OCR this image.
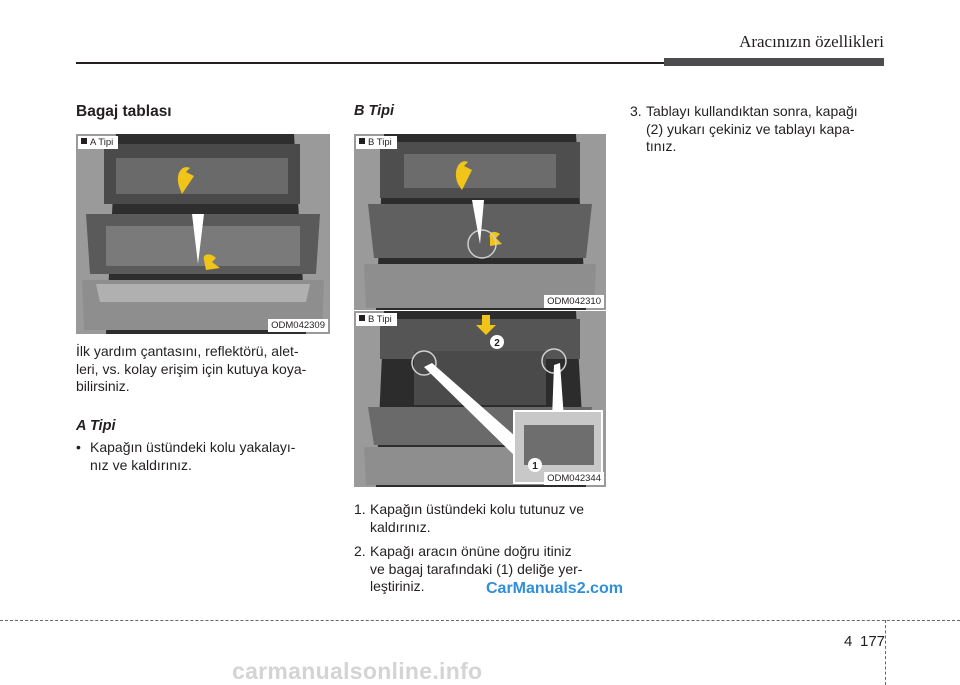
Aracınızın özellikleri
Bagaj tablası
A Tipi
ODM042309
İlk yardım çantasını, reflektörü, alet-
leri, vs. kolay erişim için kutuya koya-
bilirsiniz.
A Tipi
• Kapağın üstündeki kolu yakalayı-
nız ve kaldırınız.
B Tipi
B Tipi
ODM042310
2
1
B Tipi
ODM042344
1. Kapağın üstündeki kolu tutunuz ve
kaldırınız.
2. Kapağı aracın önüne doğru itiniz
ve bagaj tarafındaki (1) deliğe yer-
leştiriniz.
3. Tablayı kullandıktan sonra, kapağı
(2) yukarı çekiniz ve tablayı kapa-
tınız.
CarManuals2.com
4 177
carmanualsonline.info
